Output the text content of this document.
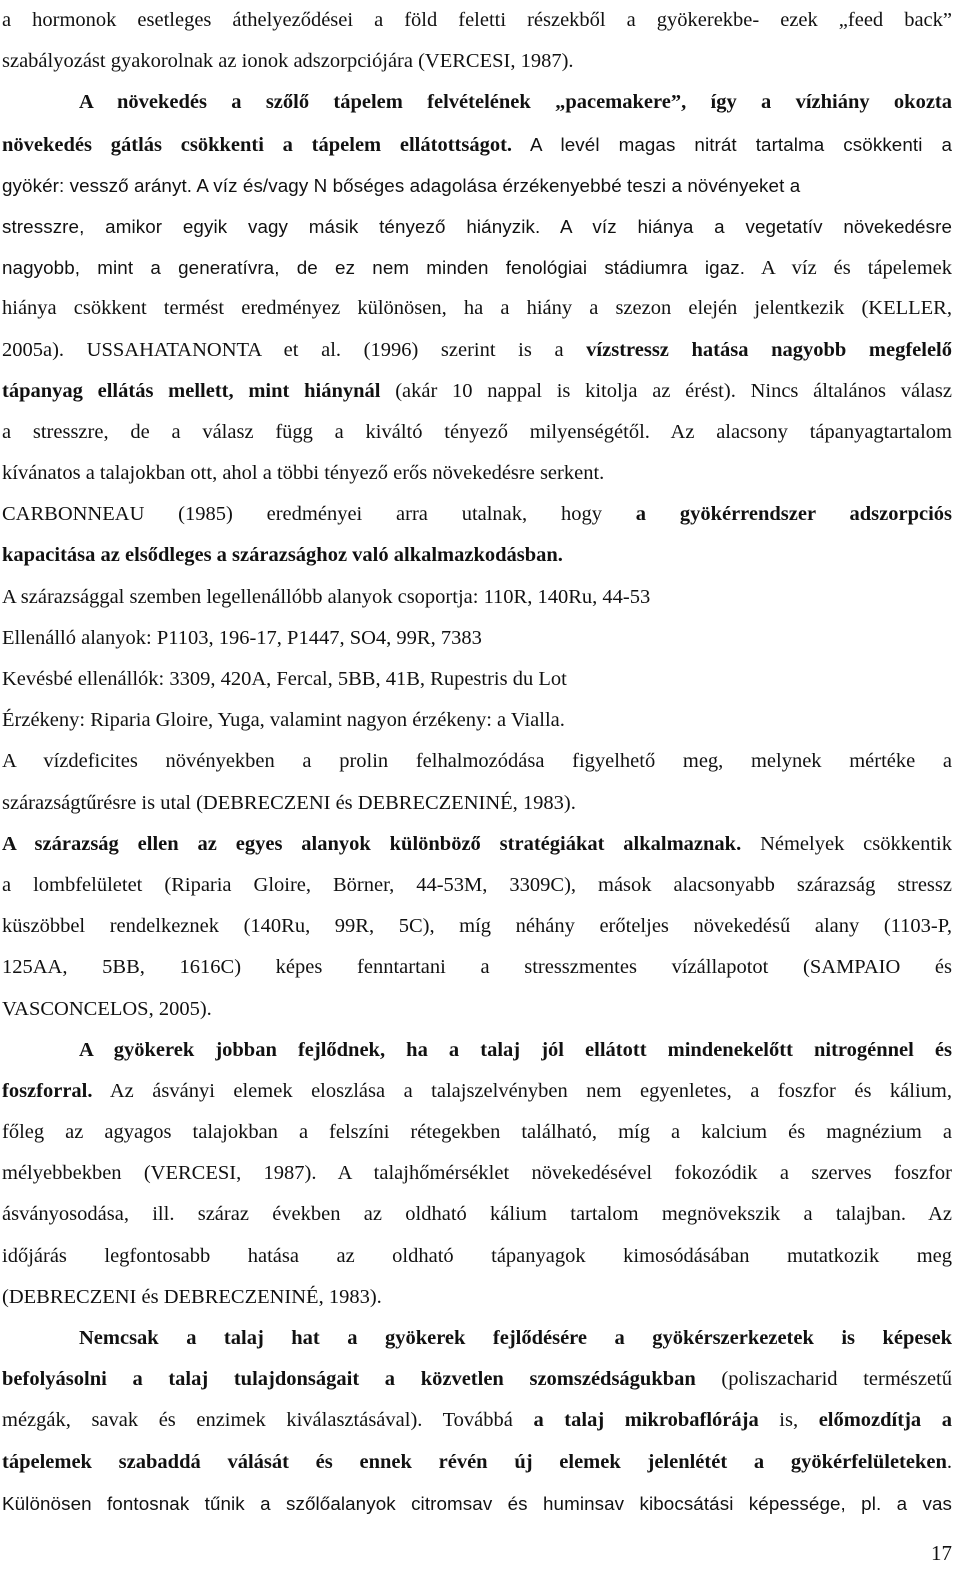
a hormonok esetleges áthelyeződései a föld feletti részekből a gyökerekbe- ezek „feed back”
szabályozást gyakorolnak az ionok adszorpciójára (VERCESI, 1987).
A növekedés a szőlő tápelem felvételének „pacemakere”, így a vízhiány okozta
növekedés gátlás csökkenti a tápelem ellátottságot. A levél magas nitrát tartalma csökkenti a
gyökér: vessző arányt. A víz és/vagy N bőséges adagolása érzékenyebbé teszi a növényeket a
stresszre, amikor egyik vagy másik tényező hiányzik. A víz hiánya a vegetatív növekedésre
nagyobb, mint a generatívra, de ez nem minden fenológiai stádiumra igaz. A víz és tápelemek
hiánya csökkent termést eredményez különösen, ha a hiány a szezon elején jelentkezik (KELLER,
2005a). USSAHATANONTA et al. (1996) szerint is a vízstressz hatása nagyobb megfelelő
tápanyag ellátás mellett, mint hiánynál (akár 10 nappal is kitolja az érést). Nincs általános válasz
a stresszre, de a válasz függ a kiváltó tényező milyenségétől. Az alacsony tápanyagtartalom
kívánatos a talajokban ott, ahol a többi tényező erős növekedésre serkent.
CARBONNEAU (1985) eredményei arra utalnak, hogy a gyökérrendszer adszorpciós
kapacitása az elsődleges a szárazsághoz való alkalmazkodásban.
A szárazsággal szemben legellenállóbb alanyok csoportja: 110R, 140Ru, 44-53
Ellenálló alanyok: P1103, 196-17, P1447, SO4, 99R, 7383
Kevésbé ellenállók: 3309, 420A, Fercal, 5BB, 41B, Rupestris du Lot
Érzékeny: Riparia Gloire, Yuga, valamint nagyon érzékeny: a Vialla.
A vízdeficites növényekben a prolin felhalmozódása figyelhető meg, melynek mértéke a
szárazságtűrésre is utal (DEBRECZENI és DEBRECZENINÉ, 1983).
A szárazság ellen az egyes alanyok különböző stratégiákat alkalmaznak. Némelyek csökkentik
a lombfelületet (Riparia Gloire, Börner, 44-53M, 3309C), mások alacsonyabb szárazság stressz
küszöbbel rendelkeznek (140Ru, 99R, 5C), míg néhány erőteljes növekedésű alany (1103-P,
125AA, 5BB, 1616C) képes fenntartani a stresszmentes vízállapotot (SAMPAIO és
VASCONCELOS, 2005).
A gyökerek jobban fejlődnek, ha a talaj jól ellátott mindenekelőtt nitrogénnel és
foszforral. Az ásványi elemek eloszlása a talajszelvényben nem egyenletes, a foszfor és kálium,
főleg az agyagos talajokban a felszíni rétegekben található, míg a kalcium és magnézium a
mélyebbekben (VERCESI, 1987). A talajhőmérséklet növekedésével fokozódik a szerves foszfor
ásványosodása, ill. száraz években az oldható kálium tartalom megnövekszik a talajban. Az
időjárás legfontosabb hatása az oldható tápanyagok kimosódásában mutatkozik meg
(DEBRECZENI és DEBRECZENINÉ, 1983).
Nemcsak a talaj hat a gyökerek fejlődésére a gyökérszerkezetek is képesek
befolyásolni a talaj tulajdonságait a közvetlen szomszédságukban (poliszacharid természetű
mézgák, savak és enzimek kiválasztásával). Továbbá a talaj mikrobaflórája is, előmozdítja a
tápelemek szabaddá válását és ennek révén új elemek jelenlétét a gyökérfelületeken.
Különösen fontosnak tűnik a szőlőalanyok citromsav és huminsav kibocsátási képessége, pl. a vas
17
